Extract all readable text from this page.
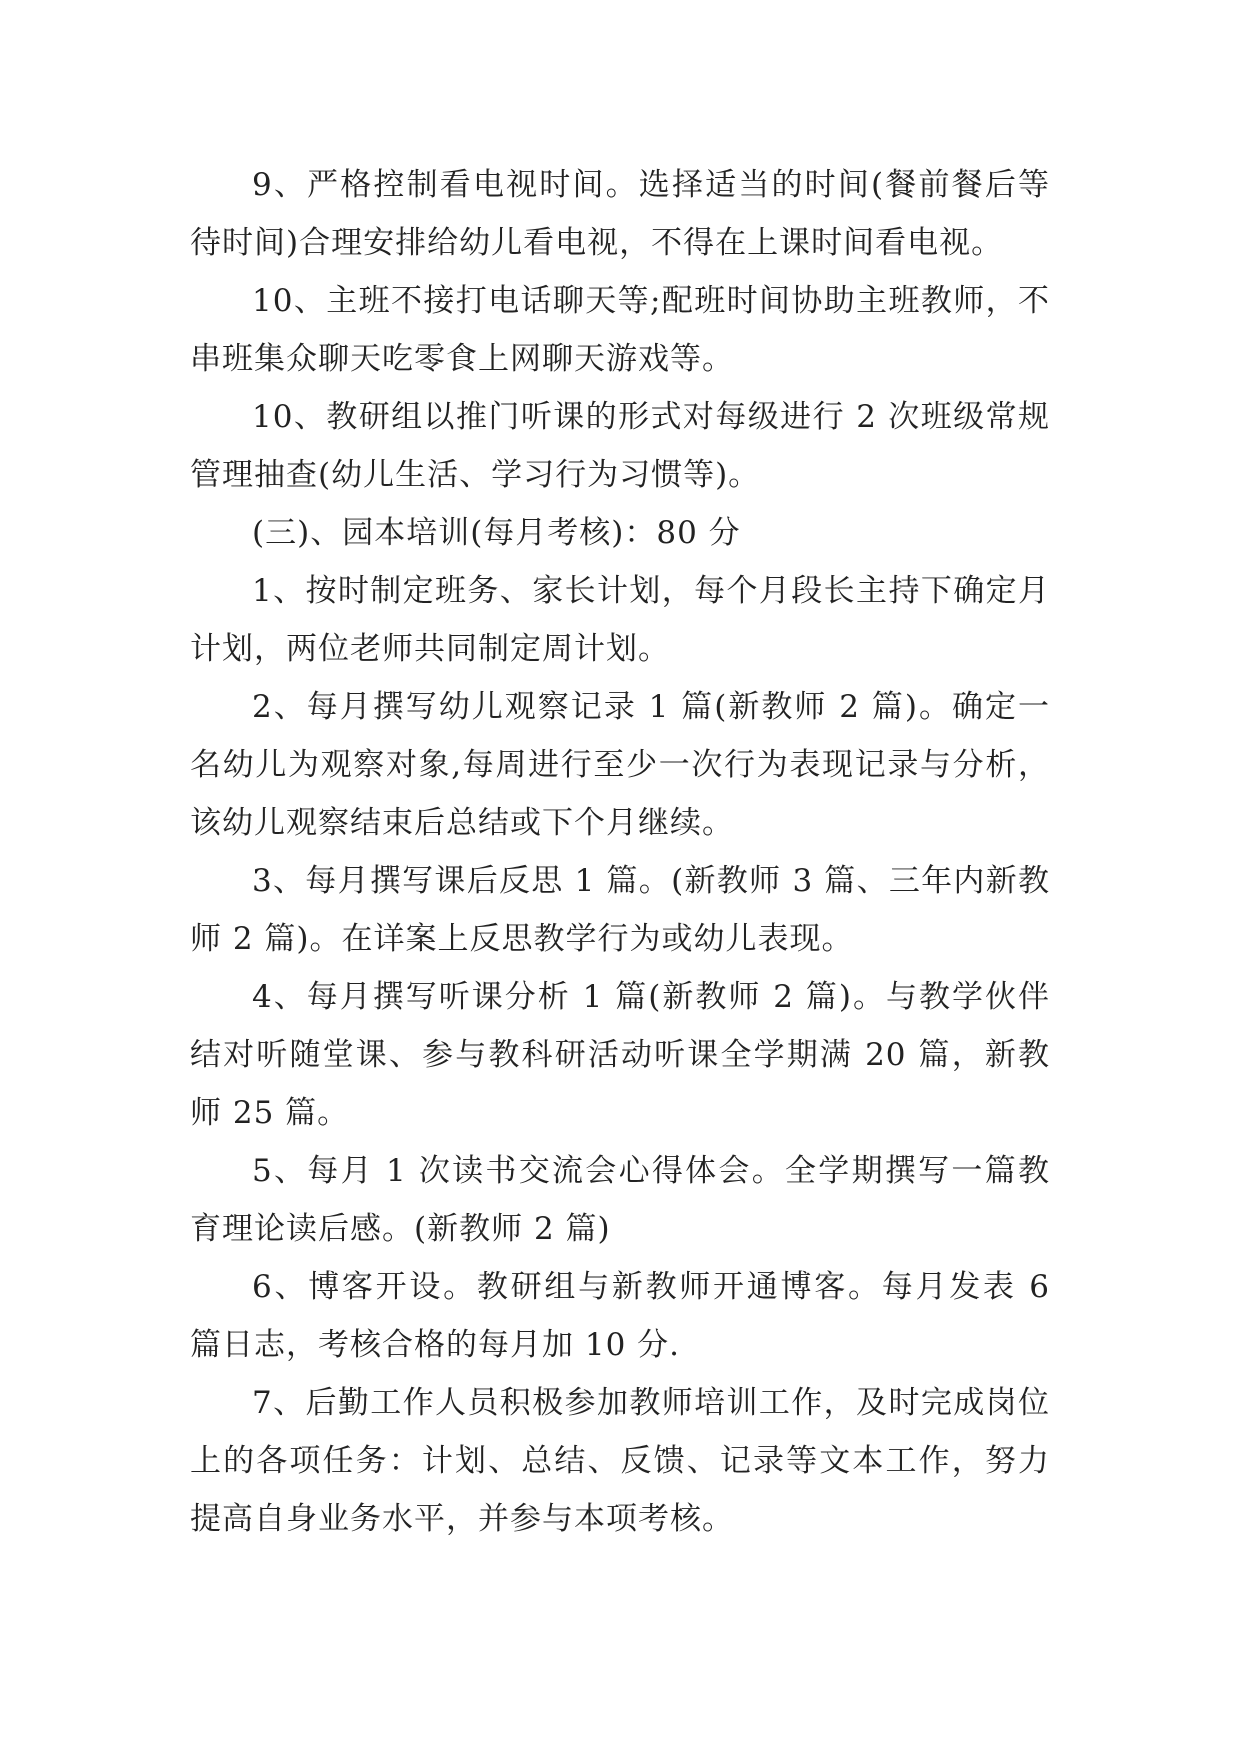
9、严格控制看电视时间。选择适当的时间(餐前餐后等待时间)合理安排给幼儿看电视，不得在上课时间看电视。

10、主班不接打电话聊天等;配班时间协助主班教师，不串班集众聊天吃零食上网聊天游戏等。

10、教研组以推门听课的形式对每级进行 2 次班级常规管理抽查(幼儿生活、学习行为习惯等)。

(三)、园本培训(每月考核)：80 分

1、按时制定班务、家长计划，每个月段长主持下确定月计划，两位老师共同制定周计划。

2、每月撰写幼儿观察记录 1 篇(新教师 2 篇)。确定一名幼儿为观察对象,每周进行至少一次行为表现记录与分析，该幼儿观察结束后总结或下个月继续。

3、每月撰写课后反思 1 篇。(新教师 3 篇、三年内新教师 2 篇)。在详案上反思教学行为或幼儿表现。

4、每月撰写听课分析 1 篇(新教师 2 篇)。与教学伙伴结对听随堂课、参与教科研活动听课全学期满 20 篇，新教师 25 篇。

5、每月 1 次读书交流会心得体会。全学期撰写一篇教育理论读后感。(新教师 2 篇)

6、博客开设。教研组与新教师开通博客。每月发表 6 篇日志，考核合格的每月加 10 分.

7、后勤工作人员积极参加教师培训工作，及时完成岗位上的各项任务：计划、总结、反馈、记录等文本工作，努力提高自身业务水平，并参与本项考核。
